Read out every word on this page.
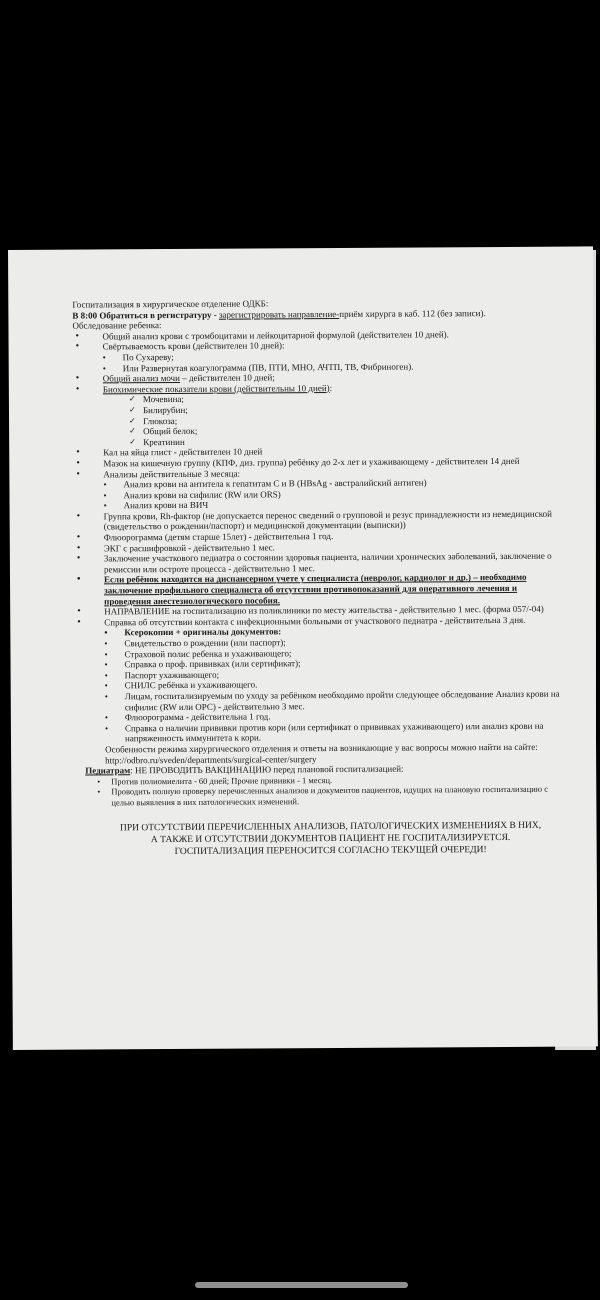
Госпитализация в хирургическое отделение ОДКБ:

В 8:00 Обратиться в регистратуру - зарегистрировать направление-приём хирурга в каб. 112 (без записи).

Обследование ребенка:

• Общий анализ крови с тромбоцитами и лейкоцитарной формулой (действителен 10 дней).
• Свёртываемость крови (действителен 10 дней):
• По Сухареву;
• Или Развернутая коагулограмма (ПВ, ПТИ, МНО, АЧТП, ТВ, Фибриноген).
• Общий анализ мочи – действителен 10 дней;
• Биохимические показатели крови (действительны 10 дней):
✓ Мочевина;
✓ Билирубин;
✓ Глюкоза;
✓ Общий белок;
✓ Креатинин
• Кал на яйца глист - действителен 10 дней
• Мазок на кишечную группу (КПФ, диз. группа) ребёнку до 2-х лет и ухаживающему - действителен 14 дней
• Анализы действительные 3 месяца:
• Анализ крови на антитела к гепатитам С и В (HBsAg - австралийский антиген)
• Анализ крови на сифилис (RW или ORS)
• Анализ крови на ВИЧ
• Группа крови, Rh-фактор (не допускается перенос сведений о групповой и резус принадлежности из немедицинской (свидетельство о рождении/паспорт) и медицинской документации (выписки))
• Флюорограмма (детям старше 15лет) - действительна 1 год.
• ЭКГ с расшифровкой - действительно 1 мес.
• Заключение участкового педиатра о состоянии здоровья пациента, наличии хронических заболеваний, заключение о ремиссии или остроте процесса - действительно 1 мес.
• Если ребёнок находится на диспансерном учете у специалиста (невролог, кардиолог и др.) – необходимо заключение профильного специалиста об отсутствии противопоказаний для оперативного лечения и проведения анестезиологического пособия.
• НАПРАВЛЕНИЕ на госпитализацию из поликлиники по месту жительства - действительно 1 мес. (форма 057/-04)
• Справка об отсутствии контакта с инфекционными больными от участкового педиатра - действительна 3 дня.
• Ксерокопии + оригиналы документов:
• Свидетельство о рождении (или паспорт);
• Страховой полис ребенка и ухаживающего;
• Справка о проф. прививках (или сертификат);
• Паспорт ухаживающего;
• СНИЛС ребёнка и ухаживающего.
• Лицам, госпитализируемым по уходу за ребёнком необходимо пройти следующее обследование Анализ крови на сифилис (RW или ОРС) - действительно 3 мес.
• Флюорограмма - действительна 1 год.
• Справка о наличии прививки против кори (или сертификат о прививках ухаживающего) или анализ крови на напряженность иммунитета к кори.

Особенности режима хирургического отделения и ответы на возникающие у вас вопросы можно найти на сайте: http://odbro.ru/sveden/departments/surgical-center/surgery

Педиатрам: НЕ ПРОВОДИТЬ ВАКЦИНАЦИЮ перед плановой госпитализацией:

• Против полиомиелита - 60 дней; Прочие прививки - 1 месяц.
• Проводить полную проверку перечисленных анализов и документов пациентов, идущих на плановую госпитализацию с целью выявления в них патологических изменений.
ПРИ ОТСУТСТВИИ ПЕРЕЧИСЛЕННЫХ АНАЛИЗОВ, ПАТОЛОГИЧЕСКИХ ИЗМЕНЕНИЯХ В НИХ,
А ТАКЖЕ И ОТСУТСТВИИ ДОКУМЕНТОВ ПАЦИЕНТ НЕ ГОСПИТАЛИЗИРУЕТСЯ.
ГОСПИТАЛИЗАЦИЯ ПЕРЕНОСИТСЯ СОГЛАСНО ТЕКУЩЕЙ ОЧЕРЕДИ!
